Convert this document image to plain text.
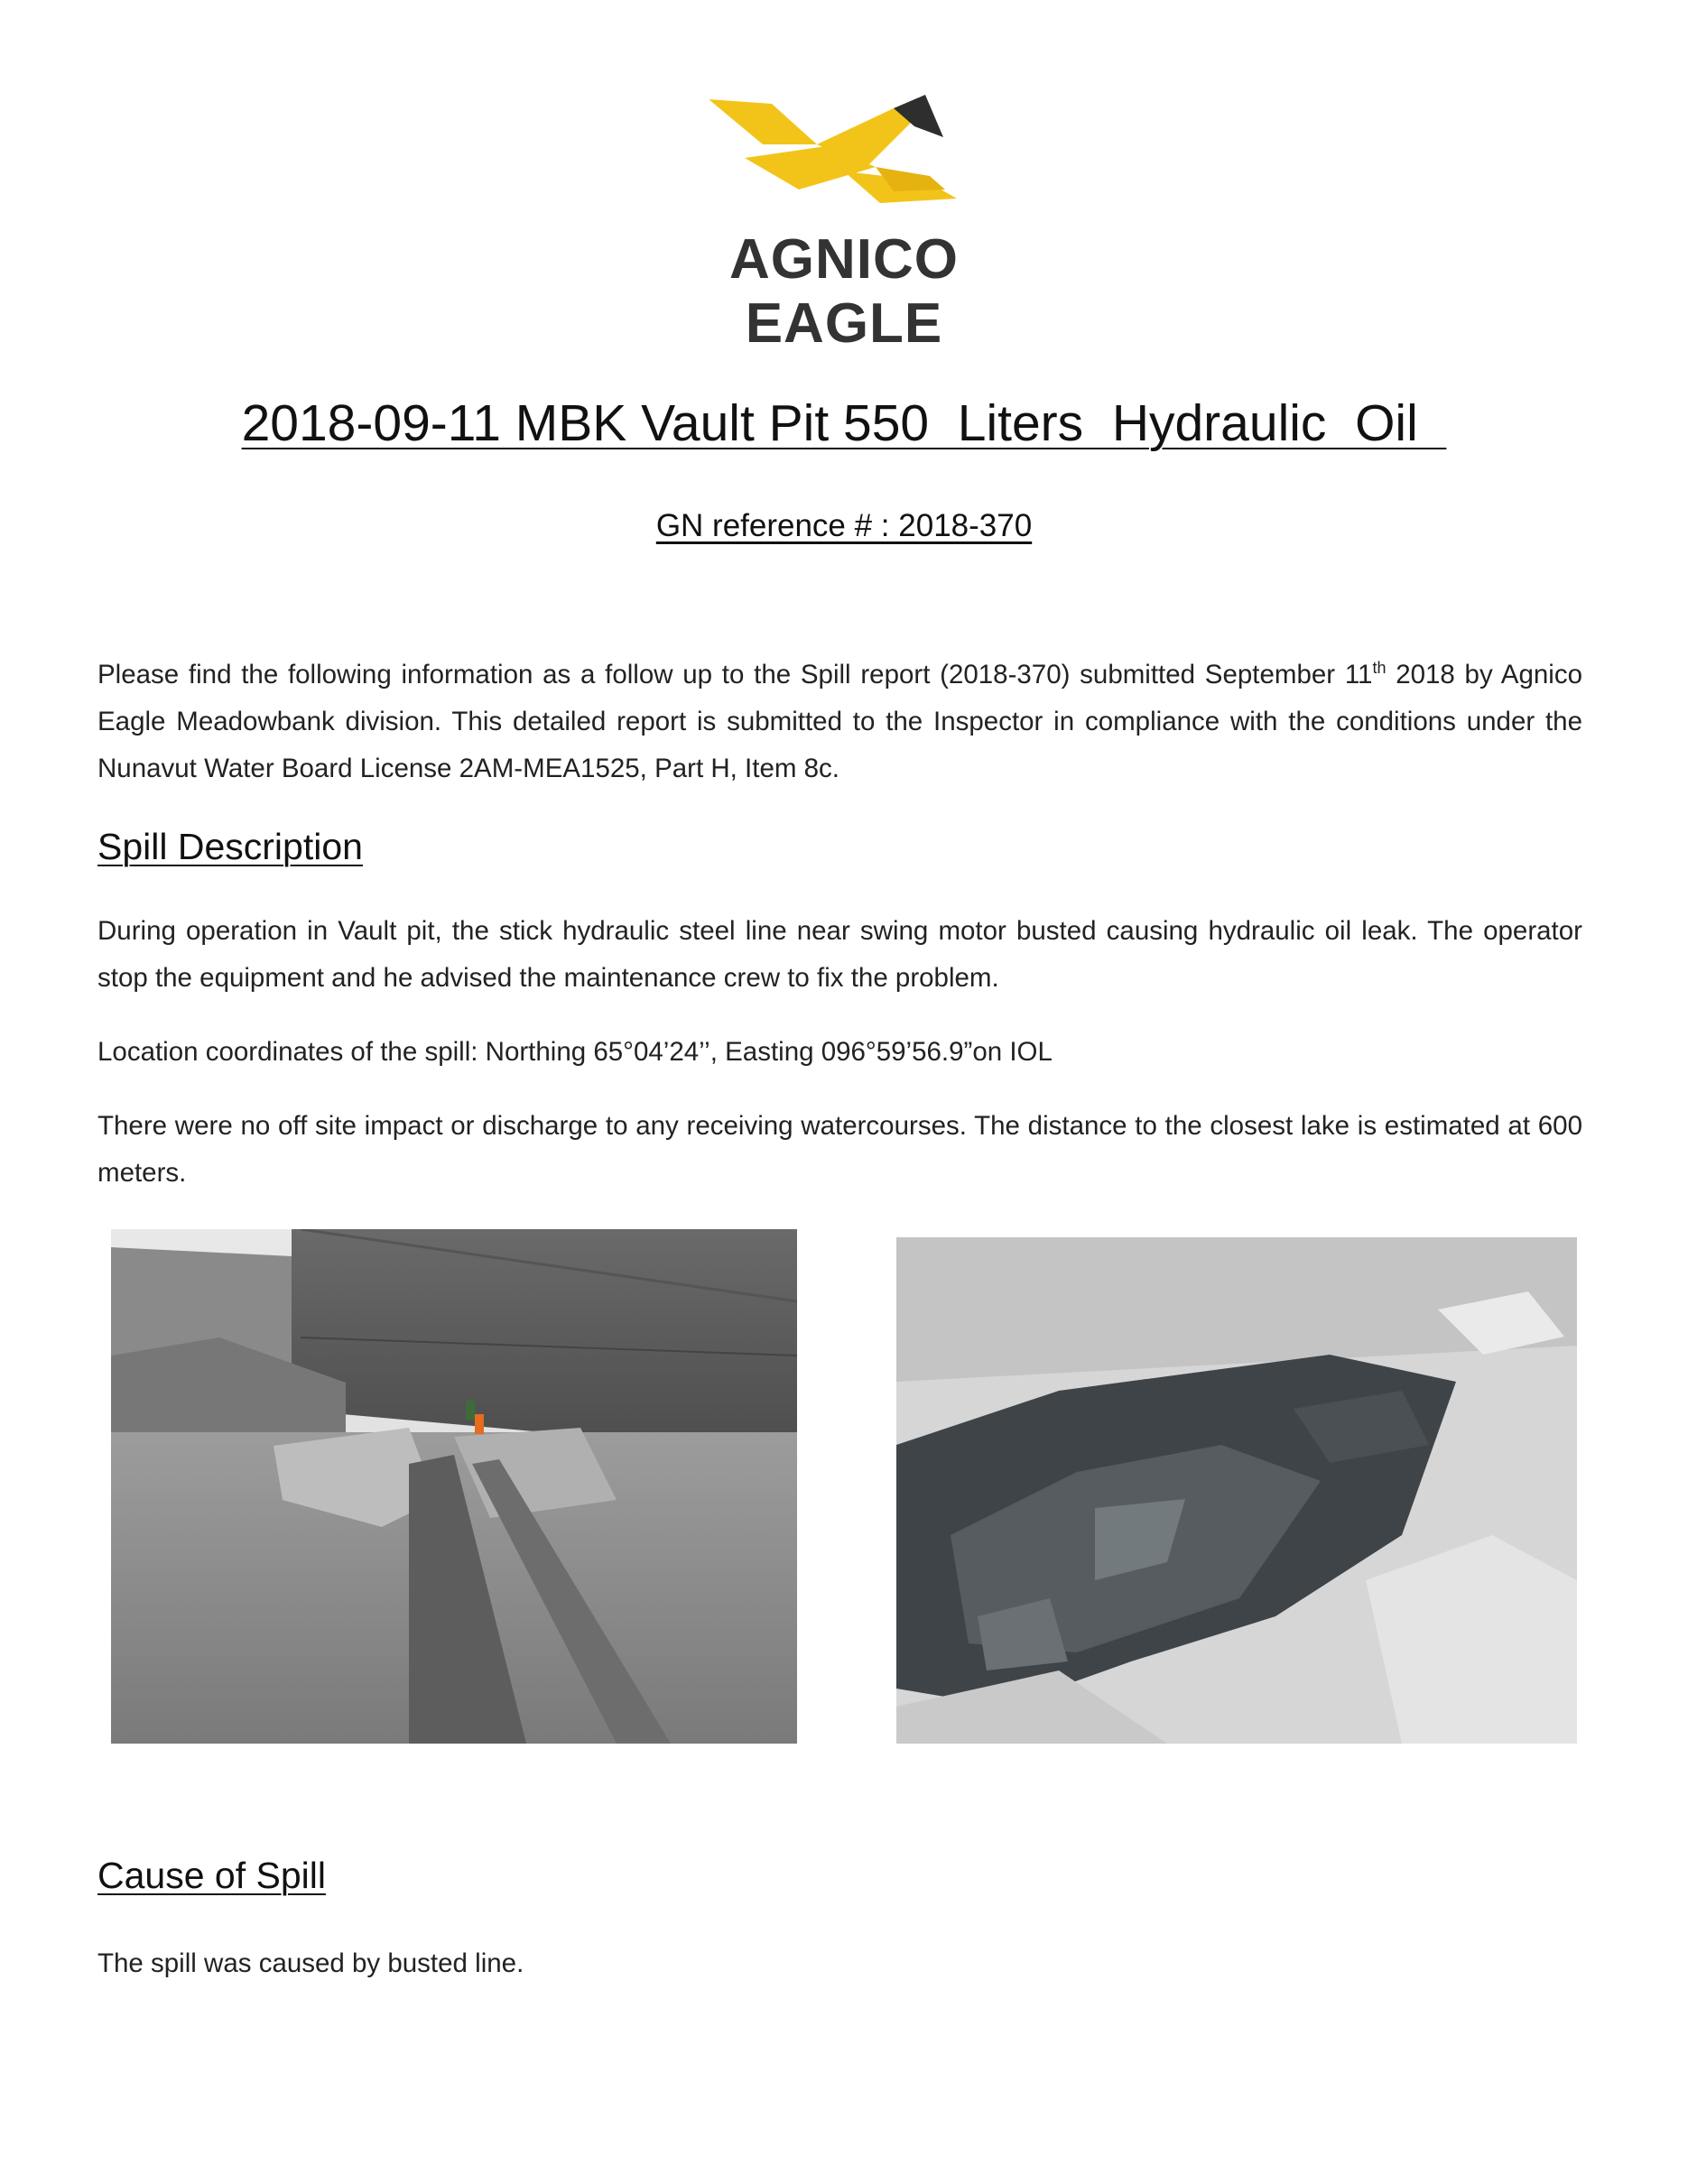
AGNICO EAGLE
2018-09-11 MBK Vault Pit 550  Liters  Hydraulic  Oil
GN reference # : 2018-370
Please find the following information as a follow up to the Spill report (2018-370) submitted September 11th 2018 by Agnico Eagle Meadowbank division. This detailed report is submitted to the Inspector in compliance with the conditions under the Nunavut Water Board License 2AM-MEA1525, Part H, Item 8c.
Spill Description
During operation in Vault pit, the stick hydraulic steel line near swing motor busted causing hydraulic oil leak. The operator stop the equipment and he advised the maintenance crew to fix the problem.
Location coordinates of the spill: Northing 65°04’24’’, Easting 096°59’56.9”on IOL
There were no off site impact or discharge to any receiving watercourses. The distance to the closest lake is estimated at 600 meters.
Cause of Spill
The spill was caused by busted line.
